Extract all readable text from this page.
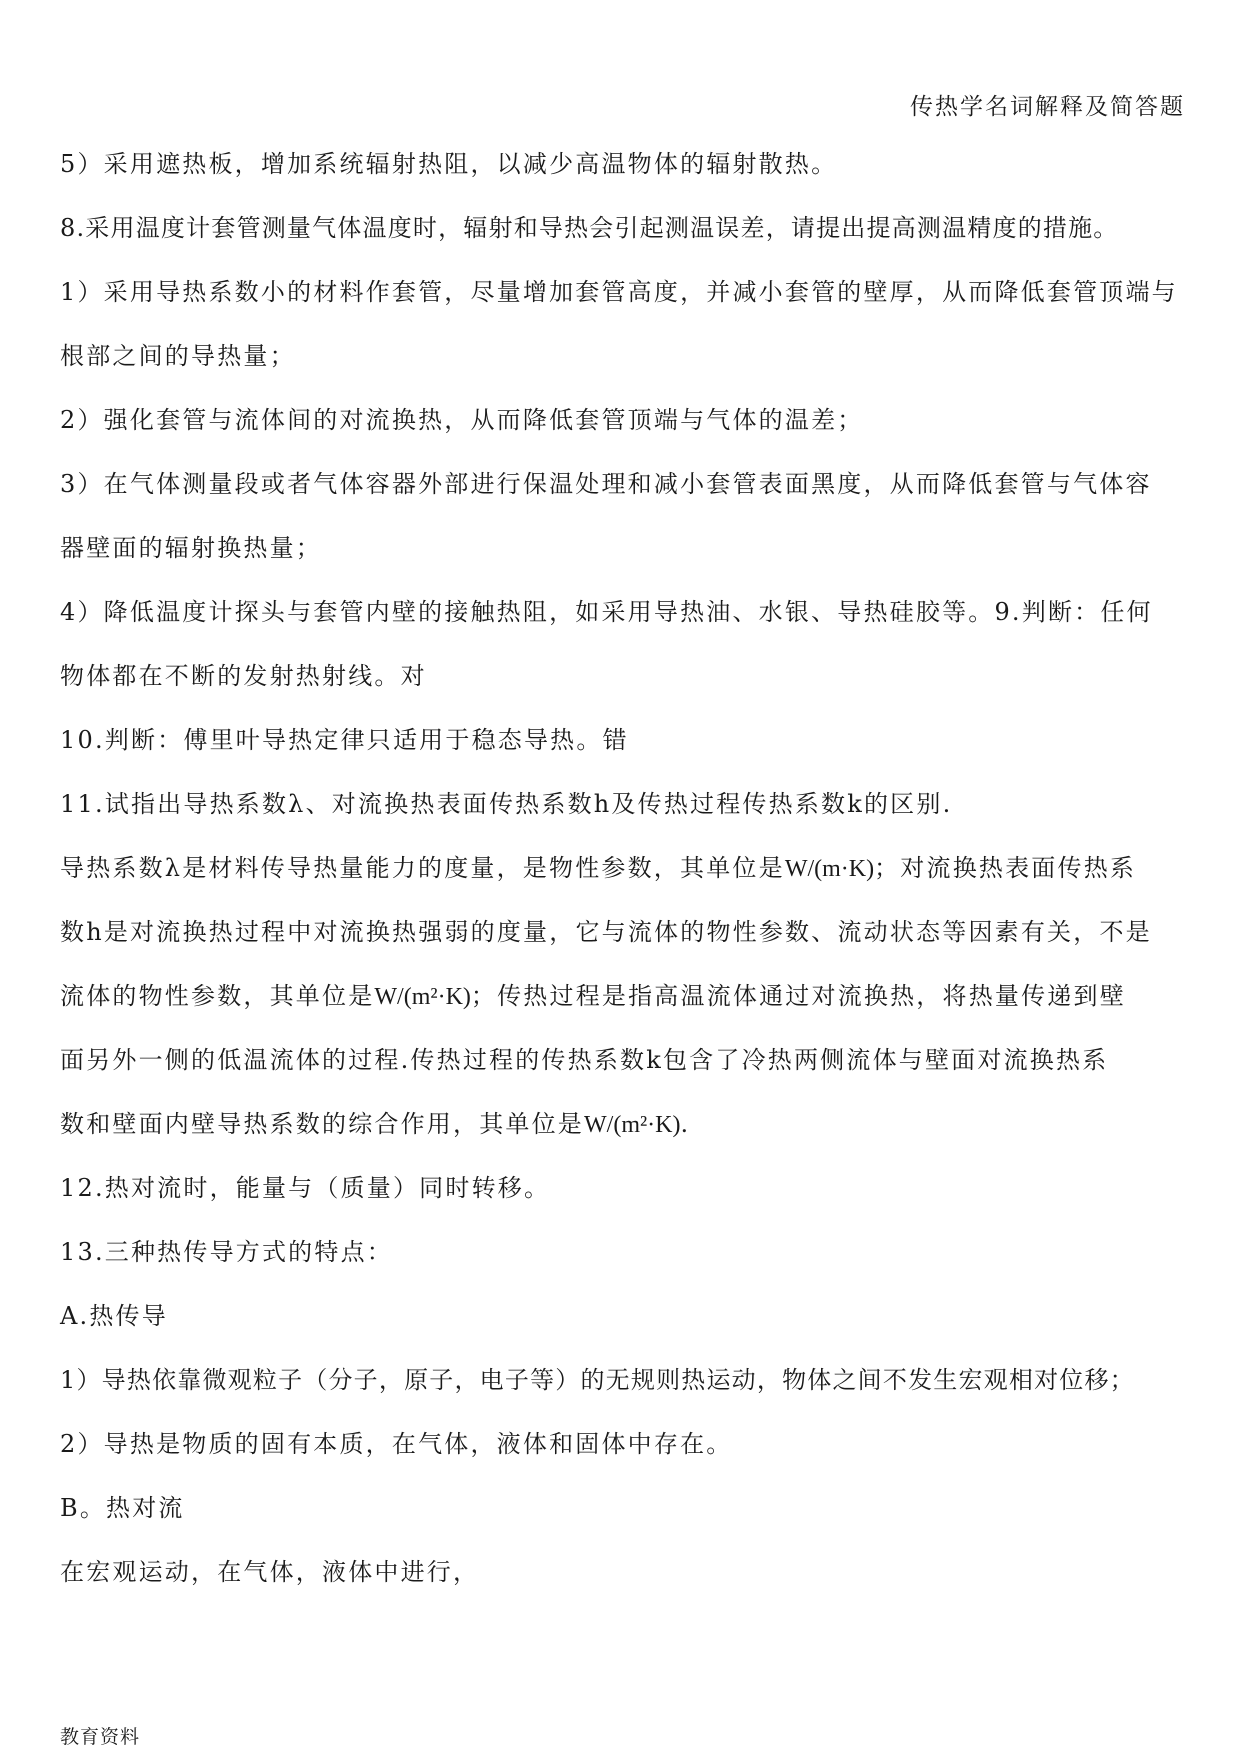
传热学名词解释及简答题
5）采用遮热板，增加系统辐射热阻，以减少高温物体的辐射散热。
8.采用温度计套管测量气体温度时，辐射和导热会引起测温误差，请提出提高测温精度的措施。
1）采用导热系数小的材料作套管，尽量增加套管高度，并减小套管的壁厚，从而降低套管顶端与
根部之间的导热量；
2）强化套管与流体间的对流换热，从而降低套管顶端与气体的温差；
3）在气体测量段或者气体容器外部进行保温处理和减小套管表面黑度，从而降低套管与气体容
器壁面的辐射换热量；
4）降低温度计探头与套管内壁的接触热阻，如采用导热油、水银、导热硅胶等。9.判断：任何
物体都在不断的发射热射线。对
10.判断：傅里叶导热定律只适用于稳态导热。错
11.试指出导热系数λ、对流换热表面传热系数h及传热过程传热系数k的区别.
导热系数λ是材料传导热量能力的度量，是物性参数，其单位是W/(m·K)；对流换热表面传热系
数h是对流换热过程中对流换热强弱的度量，它与流体的物性参数、流动状态等因素有关，不是
流体的物性参数，其单位是W/(m²·K)；传热过程是指高温流体通过对流换热，将热量传递到壁
面另外一侧的低温流体的过程.传热过程的传热系数k包含了冷热两侧流体与壁面对流换热系
数和壁面内壁导热系数的综合作用，其单位是W/(m²·K).
12.热对流时，能量与（质量）同时转移。
13.三种热传导方式的特点：
A.热传导
1）导热依靠微观粒子（分子，原子，电子等）的无规则热运动，物体之间不发生宏观相对位移；
2）导热是物质的固有本质，在气体，液体和固体中存在。
B。热对流
在宏观运动，在气体，液体中进行，
教育资料
